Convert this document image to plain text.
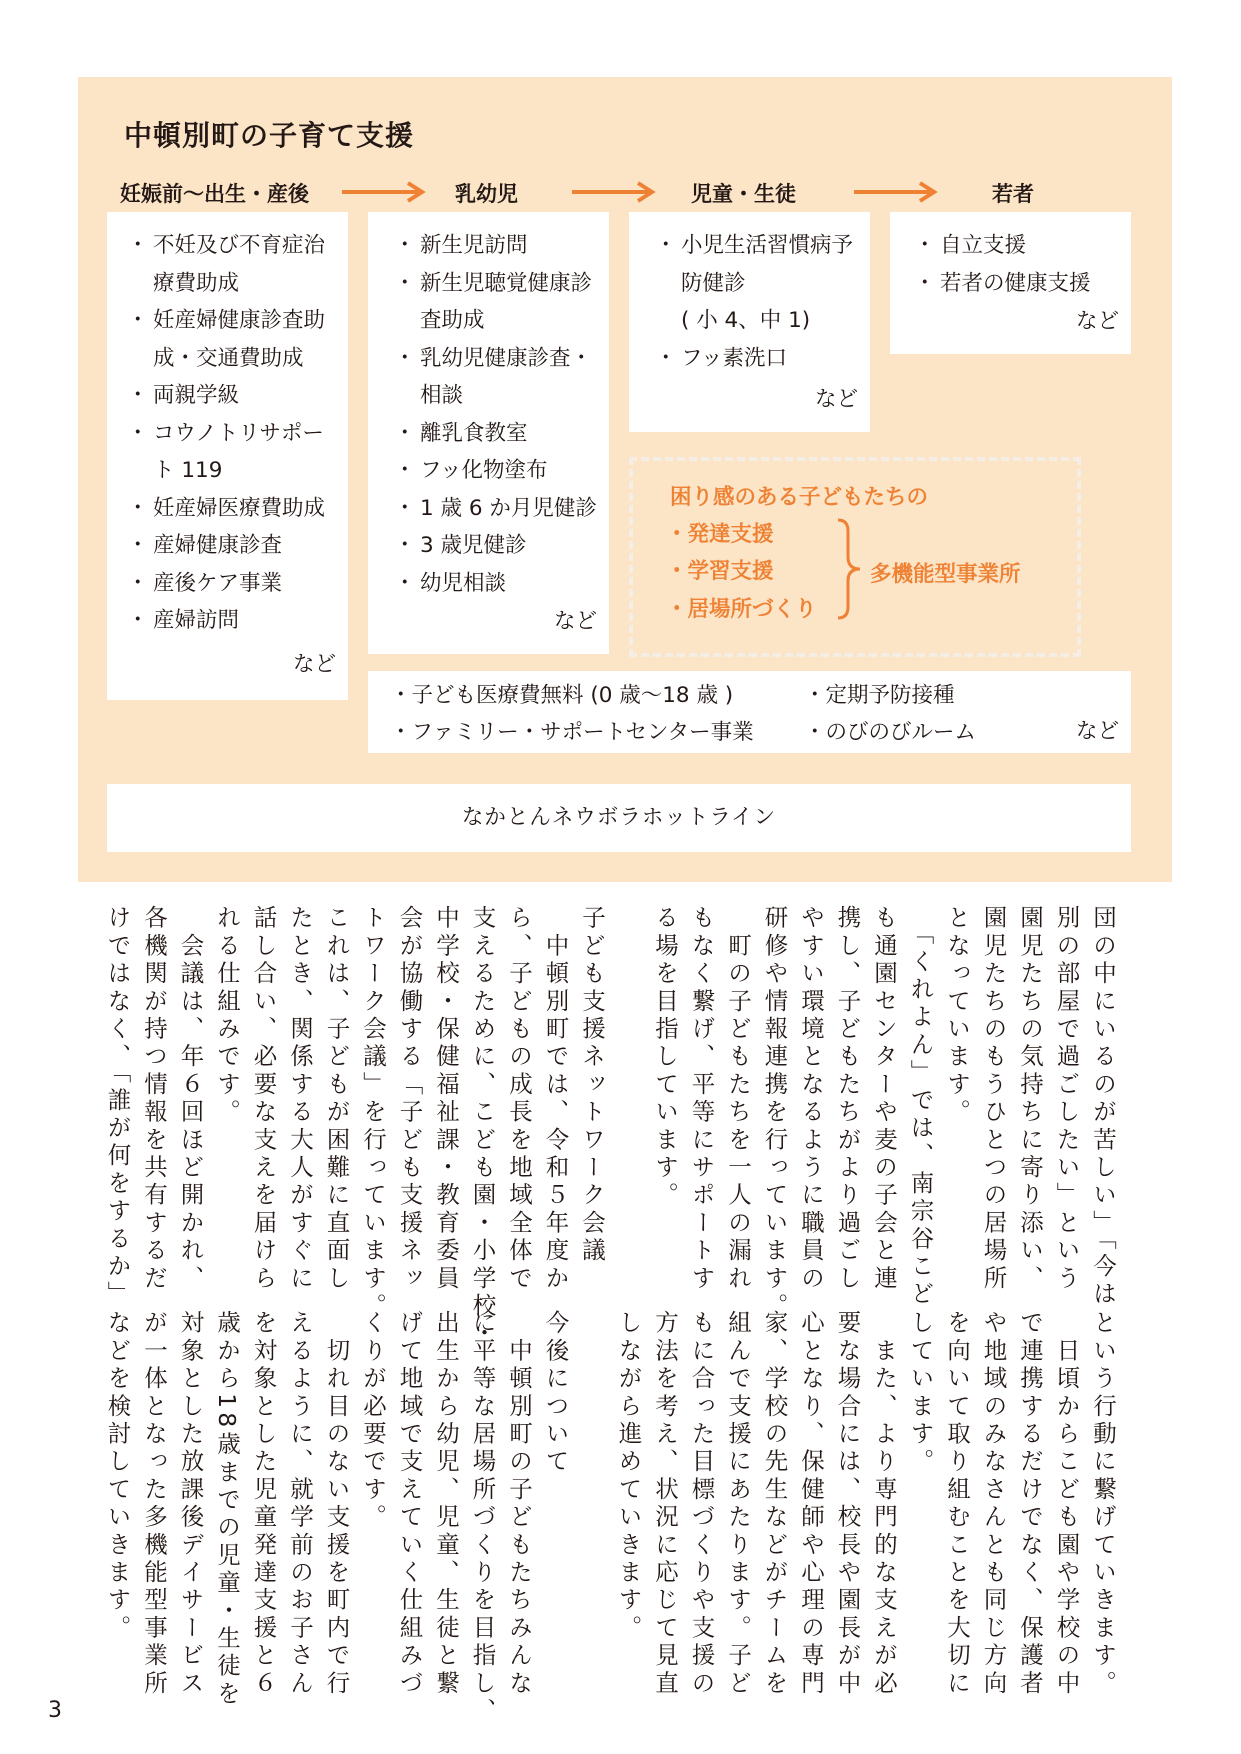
中頓別町の子育て支援
妊娠前〜出生・産後	乳幼児	児童・生徒	若者
・ 不妊及び不育症治
療費助成
・ 妊産婦健康診査助
成・交通費助成
・ 両親学級
・ コウノトリサポー
ト 119
・ 妊産婦医療費助成
・ 産婦健康診査
・ 産後ケア事業
・ 産婦訪問
など
・ 新生児訪問
・ 新生児聴覚健康診
査助成
・ 乳幼児健康診査・
相談
・ 離乳食教室
・ フッ化物塗布
・ 1 歳 6 か月児健診
・ 3 歳児健診
・ 幼児相談
など
・ 小児生活習慣病予
防健診
( 小 4、中 1)
・ フッ素洗口
など
・ 自立支援
・ 若者の健康支援
など
困り感のある子どもたちの
・発達支援
・学習支援
・居場所づくり
多機能型事業所
・子ども医療費無料 (0 歳〜18 歳 )
・ファミリー・サポートセンター事業
・定期予防接種
・のびのびルーム	など
なかとんネウボラホットライン
団の中にいるのが苦しい」「今は
別の部屋で過ごしたい」という
園児たちの気持ちに寄り添い、
園児たちのもうひとつの居場所
となっています。
　「くれよん」では、南宗谷こど
も通園センターや麦の子会と連
携し、子どもたちがより過ごし
やすい環境となるように職員の
研修や情報連携を行っています。
　町の子どもたちを一人の漏れ
もなく繋げ、平等にサポートす
る場を目指しています。
子ども支援ネットワーク会議
　中頓別町では、令和５年度か
ら、子どもの成長を地域全体で
支えるために、こども園・小学校・
中学校・保健福祉課・教育委員
会が協働する「子ども支援ネッ
トワーク会議」を行っています。
これは、子どもが困難に直面し
たとき、関係する大人がすぐに
話し合い、必要な支えを届けら
れる仕組みです。
　会議は、年６回ほど開かれ、
各機関が持つ情報を共有するだ
けではなく、「誰が何をするか」
という行動に繋げていきます。
　日頃からこども園や学校の中
で連携するだけでなく、保護者
や地域のみなさんとも同じ方向
を向いて取り組むことを大切に
しています。
　また、より専門的な支えが必
要な場合には、校長や園長が中
心となり、保健師や心理の専門
家、学校の先生などがチームを
組んで支援にあたります。子ど
もに合った目標づくりや支援の
方法を考え、状況に応じて見直
しながら進めていきます。
今後について
　中頓別町の子どもたちみんな
に平等な居場所づくりを目指し、
出生から幼児、児童、生徒と繋
げて地域で支えていく仕組みづ
くりが必要です。
　切れ目のない支援を町内で行
えるように、就学前のお子さん
を対象とした児童発達支援と６
歳から18歳までの児童・生徒を
対象とした放課後デイサービス
が一体となった多機能型事業所
などを検討していきます。
3
